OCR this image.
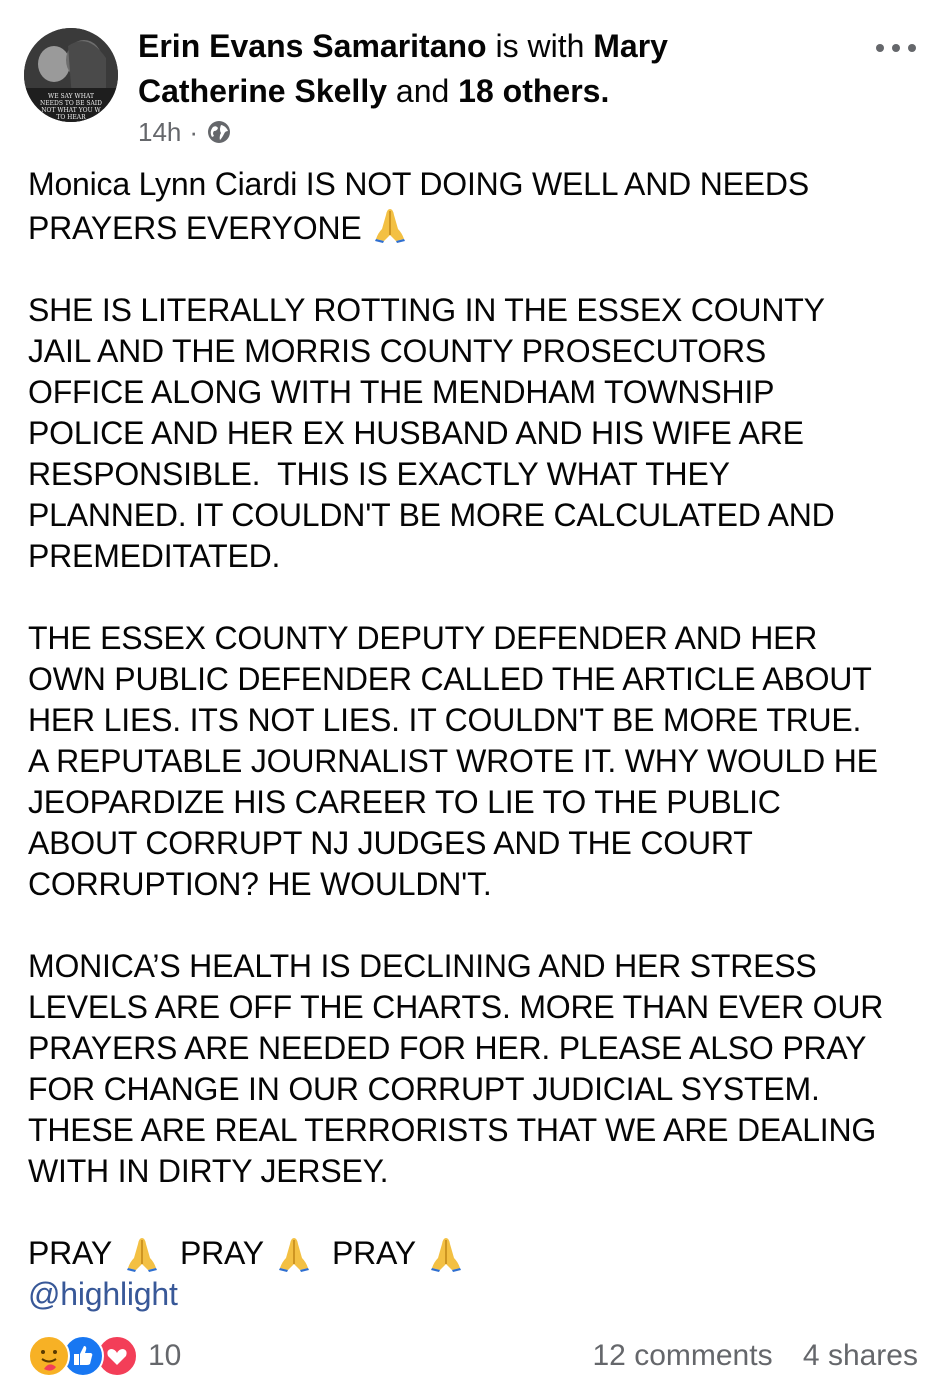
WE SAY WHAT
NEEDS TO BE SAID
NOT WHAT YOU W
TO HEAR
Erin Evans Samaritano is with Mary Catherine Skelly and 18 others.
14h ·
Monica Lynn Ciardi IS NOT DOING WELL AND NEEDS
PRAYERS EVERYONE
SHE IS LITERALLY ROTTING IN THE ESSEX COUNTY
JAIL AND THE MORRIS COUNTY PROSECUTORS
OFFICE ALONG WITH THE MENDHAM TOWNSHIP
POLICE AND HER EX HUSBAND AND HIS WIFE ARE
RESPONSIBLE.  THIS IS EXACTLY WHAT THEY
PLANNED. IT COULDN'T BE MORE CALCULATED AND
PREMEDITATED.
THE ESSEX COUNTY DEPUTY DEFENDER AND HER
OWN PUBLIC DEFENDER CALLED THE ARTICLE ABOUT
HER LIES. ITS NOT LIES. IT COULDN'T BE MORE TRUE.
A REPUTABLE JOURNALIST WROTE IT. WHY WOULD HE
JEOPARDIZE HIS CAREER TO LIE TO THE PUBLIC
ABOUT CORRUPT NJ JUDGES AND THE COURT
CORRUPTION? HE WOULDN'T.
MONICA’S HEALTH IS DECLINING AND HER STRESS
LEVELS ARE OFF THE CHARTS. MORE THAN EVER OUR
PRAYERS ARE NEEDED FOR HER. PLEASE ALSO PRAY
FOR CHANGE IN OUR CORRUPT JUDICIAL SYSTEM.
THESE ARE REAL TERRORISTS THAT WE ARE DEALING
WITH IN DIRTY JERSEY.
PRAY PRAY PRAY
@highlight
10	12 comments 4 shares
